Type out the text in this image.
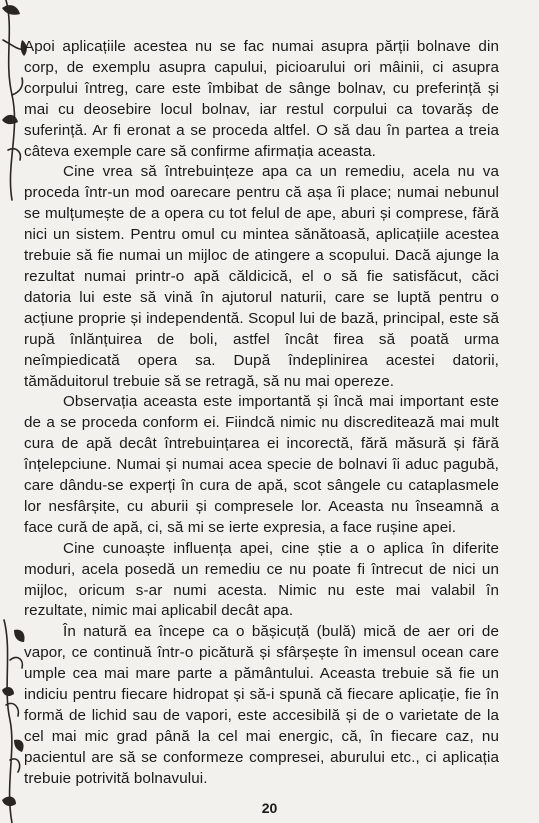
Apoi aplicațiile acestea nu se fac numai asupra părții bolnave din corp, de exemplu asupra capului, picioarului ori mâinii, ci asupra corpului întreg, care este îmbibat de sânge bolnav, cu preferință și mai cu deosebire locul bolnav, iar restul corpului ca tovarăș de suferință. Ar fi eronat a se proceda altfel. O să dau în partea a treia câteva exemple care să confirme afirmația aceasta.

Cine vrea să întrebuințeze apa ca un remediu, acela nu va proceda într-un mod oarecare pentru că așa îi place; numai nebunul se mulțumește de a opera cu tot felul de ape, aburi și comprese, fără nici un sistem. Pentru omul cu mintea sănătoasă, aplicațiile acestea trebuie să fie numai un mijloc de atingere a scopului. Dacă ajunge la rezultat numai printr-o apă căldicică, el o să fie satisfăcut, căci datoria lui este să vină în ajutorul naturii, care se luptă pentru o acțiune proprie și independentă. Scopul lui de bază, principal, este să rupă înlănțuirea de boli, astfel încât firea să poată urma neîmpiedicată opera sa. După îndeplinirea acestei datorii, tămăduitorul trebuie să se retragă, să nu mai opereze.

Observația aceasta este importantă și încă mai important este de a se proceda conform ei. Fiindcă nimic nu discreditează mai mult cura de apă decât întrebuințarea ei incorectă, fără măsură și fără înțelepciune. Numai și numai acea specie de bolnavi îi aduc pagubă, care dându-se experți în cura de apă, scot sângele cu cataplasmele lor nesfârșite, cu aburii și compresele lor. Aceasta nu înseamnă a face cură de apă, ci, să mi se ierte expresia, a face rușine apei.

Cine cunoaște influența apei, cine știe a o aplica în diferite moduri, acela posedă un remediu ce nu poate fi întrecut de nici un mijloc, oricum s-ar numi acesta. Nimic nu este mai valabil în rezultate, nimic mai aplicabil decât apa.

În natură ea începe ca o bășicuță (bulă) mică de aer ori de vapor, ce continuă într-o picătură și sfârșește în imensul ocean care umple cea mai mare parte a pământului. Aceasta trebuie să fie un indiciu pentru fiecare hidropat și să-i spună că fiecare aplicație, fie în formă de lichid sau de vapori, este accesibilă și de o varietate de la cel mai mic grad până la cel mai energic, că, în fiecare caz, nu pacientul are să se conformeze compresei, aburului etc., ci aplicația trebuie potrivită bolnavului.

20
